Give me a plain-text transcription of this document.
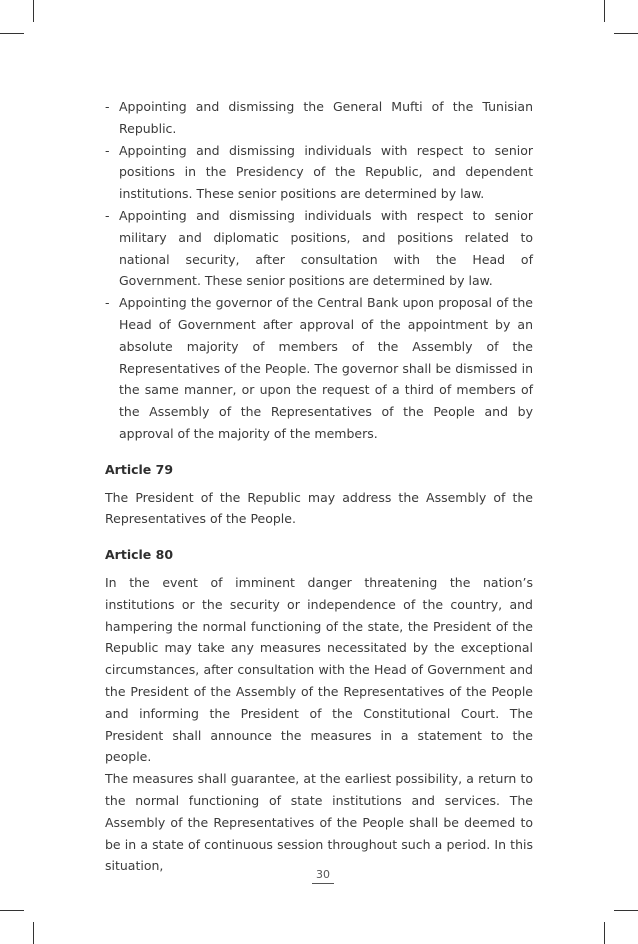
- Appointing and dismissing the General Mufti of the Tunisian Republic.
- Appointing and dismissing individuals with respect to senior positions in the Presidency of the Republic, and dependent institutions. These senior positions are determined by law.
- Appointing and dismissing individuals with respect to senior military and diplomatic positions, and positions related to national security, after consultation with the Head of Government. These senior positions are determined by law.
- Appointing the governor of the Central Bank upon proposal of the Head of Government after approval of the appointment by an absolute majority of members of the Assembly of the Representatives of the People. The governor shall be dismissed in the same manner, or upon the request of a third of members of the Assembly of the Representatives of the People and by approval of the majority of the members.
Article 79
The President of the Republic may address the Assembly of the Representatives of the People.
Article 80
In the event of imminent danger threatening the nation’s institutions or the security or independence of the country, and hampering the normal functioning of the state, the President of the Republic may take any measures necessitated by the exceptional circumstances, after consultation with the Head of Government and the President of the Assembly of the Representatives of the People and informing the President of the Constitutional Court. The President shall announce the measures in a statement to the people.
The measures shall guarantee, at the earliest possibility, a return to the normal functioning of state institutions and services. The Assembly of the Representatives of the People shall be deemed to be in a state of continuous session throughout such a period. In this situation,
30
